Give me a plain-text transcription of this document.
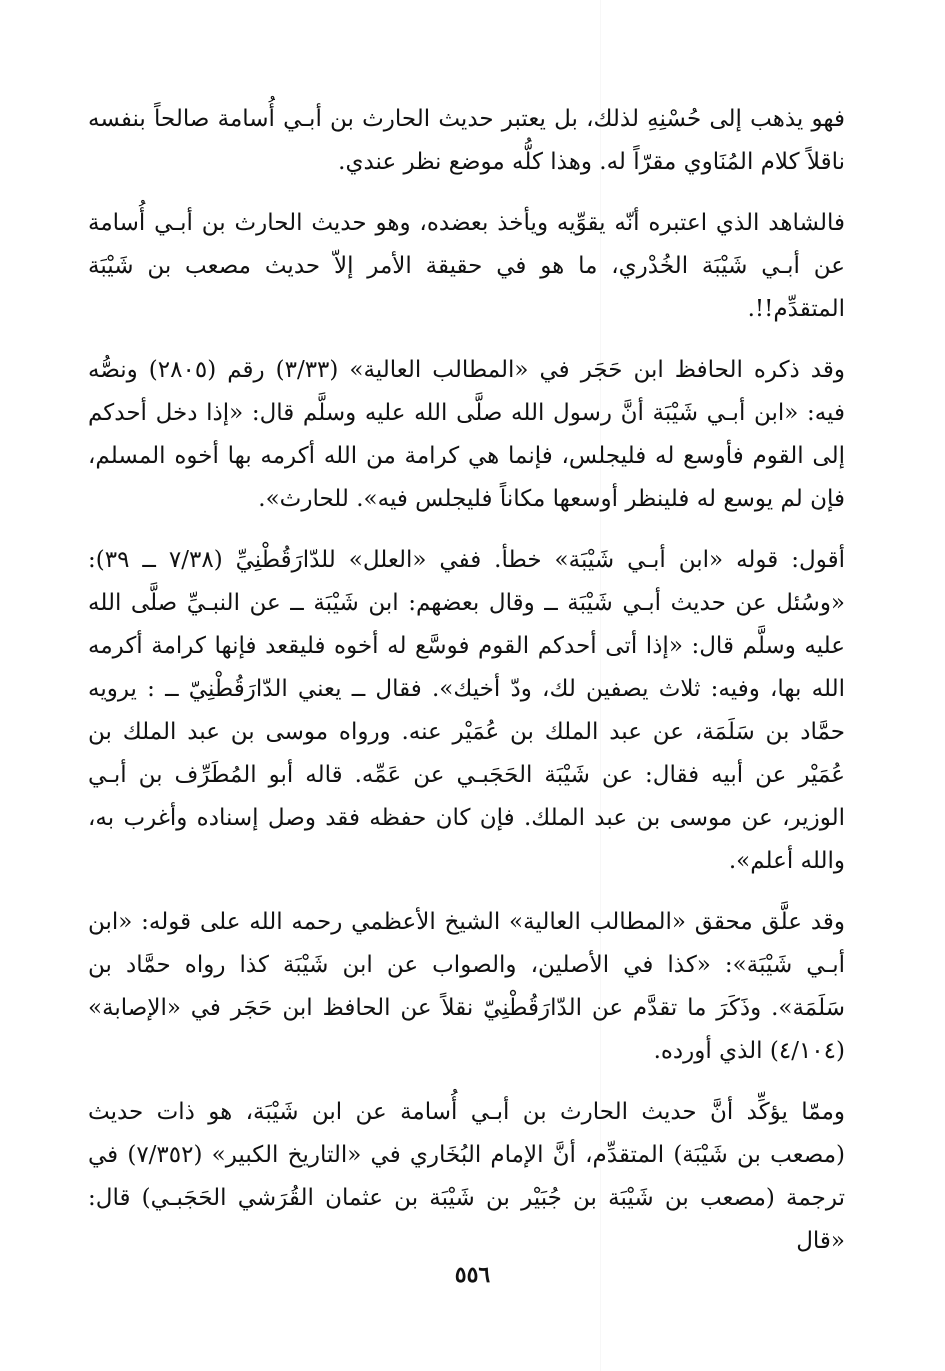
فهو يذهب إلى حُسْنِهِ لذلك، بل يعتبر حديث الحارث بن أبـي أُسامة صالحاً بنفسه ناقلاً كلام المُنَاوي مقرّاً له. وهذا كلُّه موضع نظر عندي.

فالشاهد الذي اعتبره أنّه يقوِّيه ويأخذ بعضده، وهو حديث الحارث بن أبـي أُسامة عن أبـي شَيْبَة الخُدْري، ما هو في حقيقة الأمر إلاّ حديث مصعب بن شَيْبَة المتقدِّم!!.

وقد ذكره الحافظ ابن حَجَر في «المطالب العالية» (٣/٣٣) رقم (٢٨٠٥) ونصُّه فيه: «ابن أبـي شَيْبَة أنَّ رسول الله صلَّى الله عليه وسلَّم قال: «إذا دخل أحدكم إلى القوم فأوسع له فليجلس، فإنما هي كرامة من الله أكرمه بها أخوه المسلم، فإن لم يوسع له فلينظر أوسعها مكاناً فليجلس فيه». للحارث».

أقول: قوله «ابن أبـي شَيْبَة» خطأ. ففي «العلل» للدّارَقُطْنِيِّ (٧/٣٨ ــ ٣٩): «وسُئل عن حديث أبـي شَيْبَة ــ وقال بعضهم: ابن شَيْبَة ــ عن النبـيِّ صلَّى الله عليه وسلَّم قال: «إذا أتى أحدكم القوم فوسَّع له أخوه فليقعد فإنها كرامة أكرمه الله بها، وفيه: ثلاث يصفين لك، ودّ أخيك». فقال ــ يعني الدّارَقُطْنِيّ ــ : يرويه حمَّاد بن سَلَمَة، عن عبد الملك بن عُمَيْر عنه. ورواه موسى بن عبد الملك بن عُمَيْر عن أبيه فقال: عن شَيْبَة الحَجَبـي عن عَمِّه. قاله أبو المُطَرِّف بن أبـي الوزير، عن موسى بن عبد الملك. فإن كان حفظه فقد وصل إسناده وأغرب به، والله أعلم».

وقد علَّق محقق «المطالب العالية» الشيخ الأعظمي رحمه الله على قوله: «ابن أبـي شَيْبَة»: «كذا في الأصلين، والصواب عن ابن شَيْبَة كذا رواه حمَّاد بن سَلَمَة». وذَكَرَ ما تقدَّم عن الدّارَقُطْنِيّ نقلاً عن الحافظ ابن حَجَر في «الإصابة» (٤/١٠٤) الذي أورده.

وممّا يؤكِّد أنَّ حديث الحارث بن أبـي أُسامة عن ابن شَيْبَة، هو ذات حديث (مصعب بن شَيْبَة) المتقدِّم، أنَّ الإمام البُخَاري في «التاريخ الكبير» (٧/٣٥٢) في ترجمة (مصعب بن شَيْبَة بن جُبَيْر بن شَيْبَة بن عثمان القُرَشي الحَجَبـي) قال: «قال

٥٥٦
